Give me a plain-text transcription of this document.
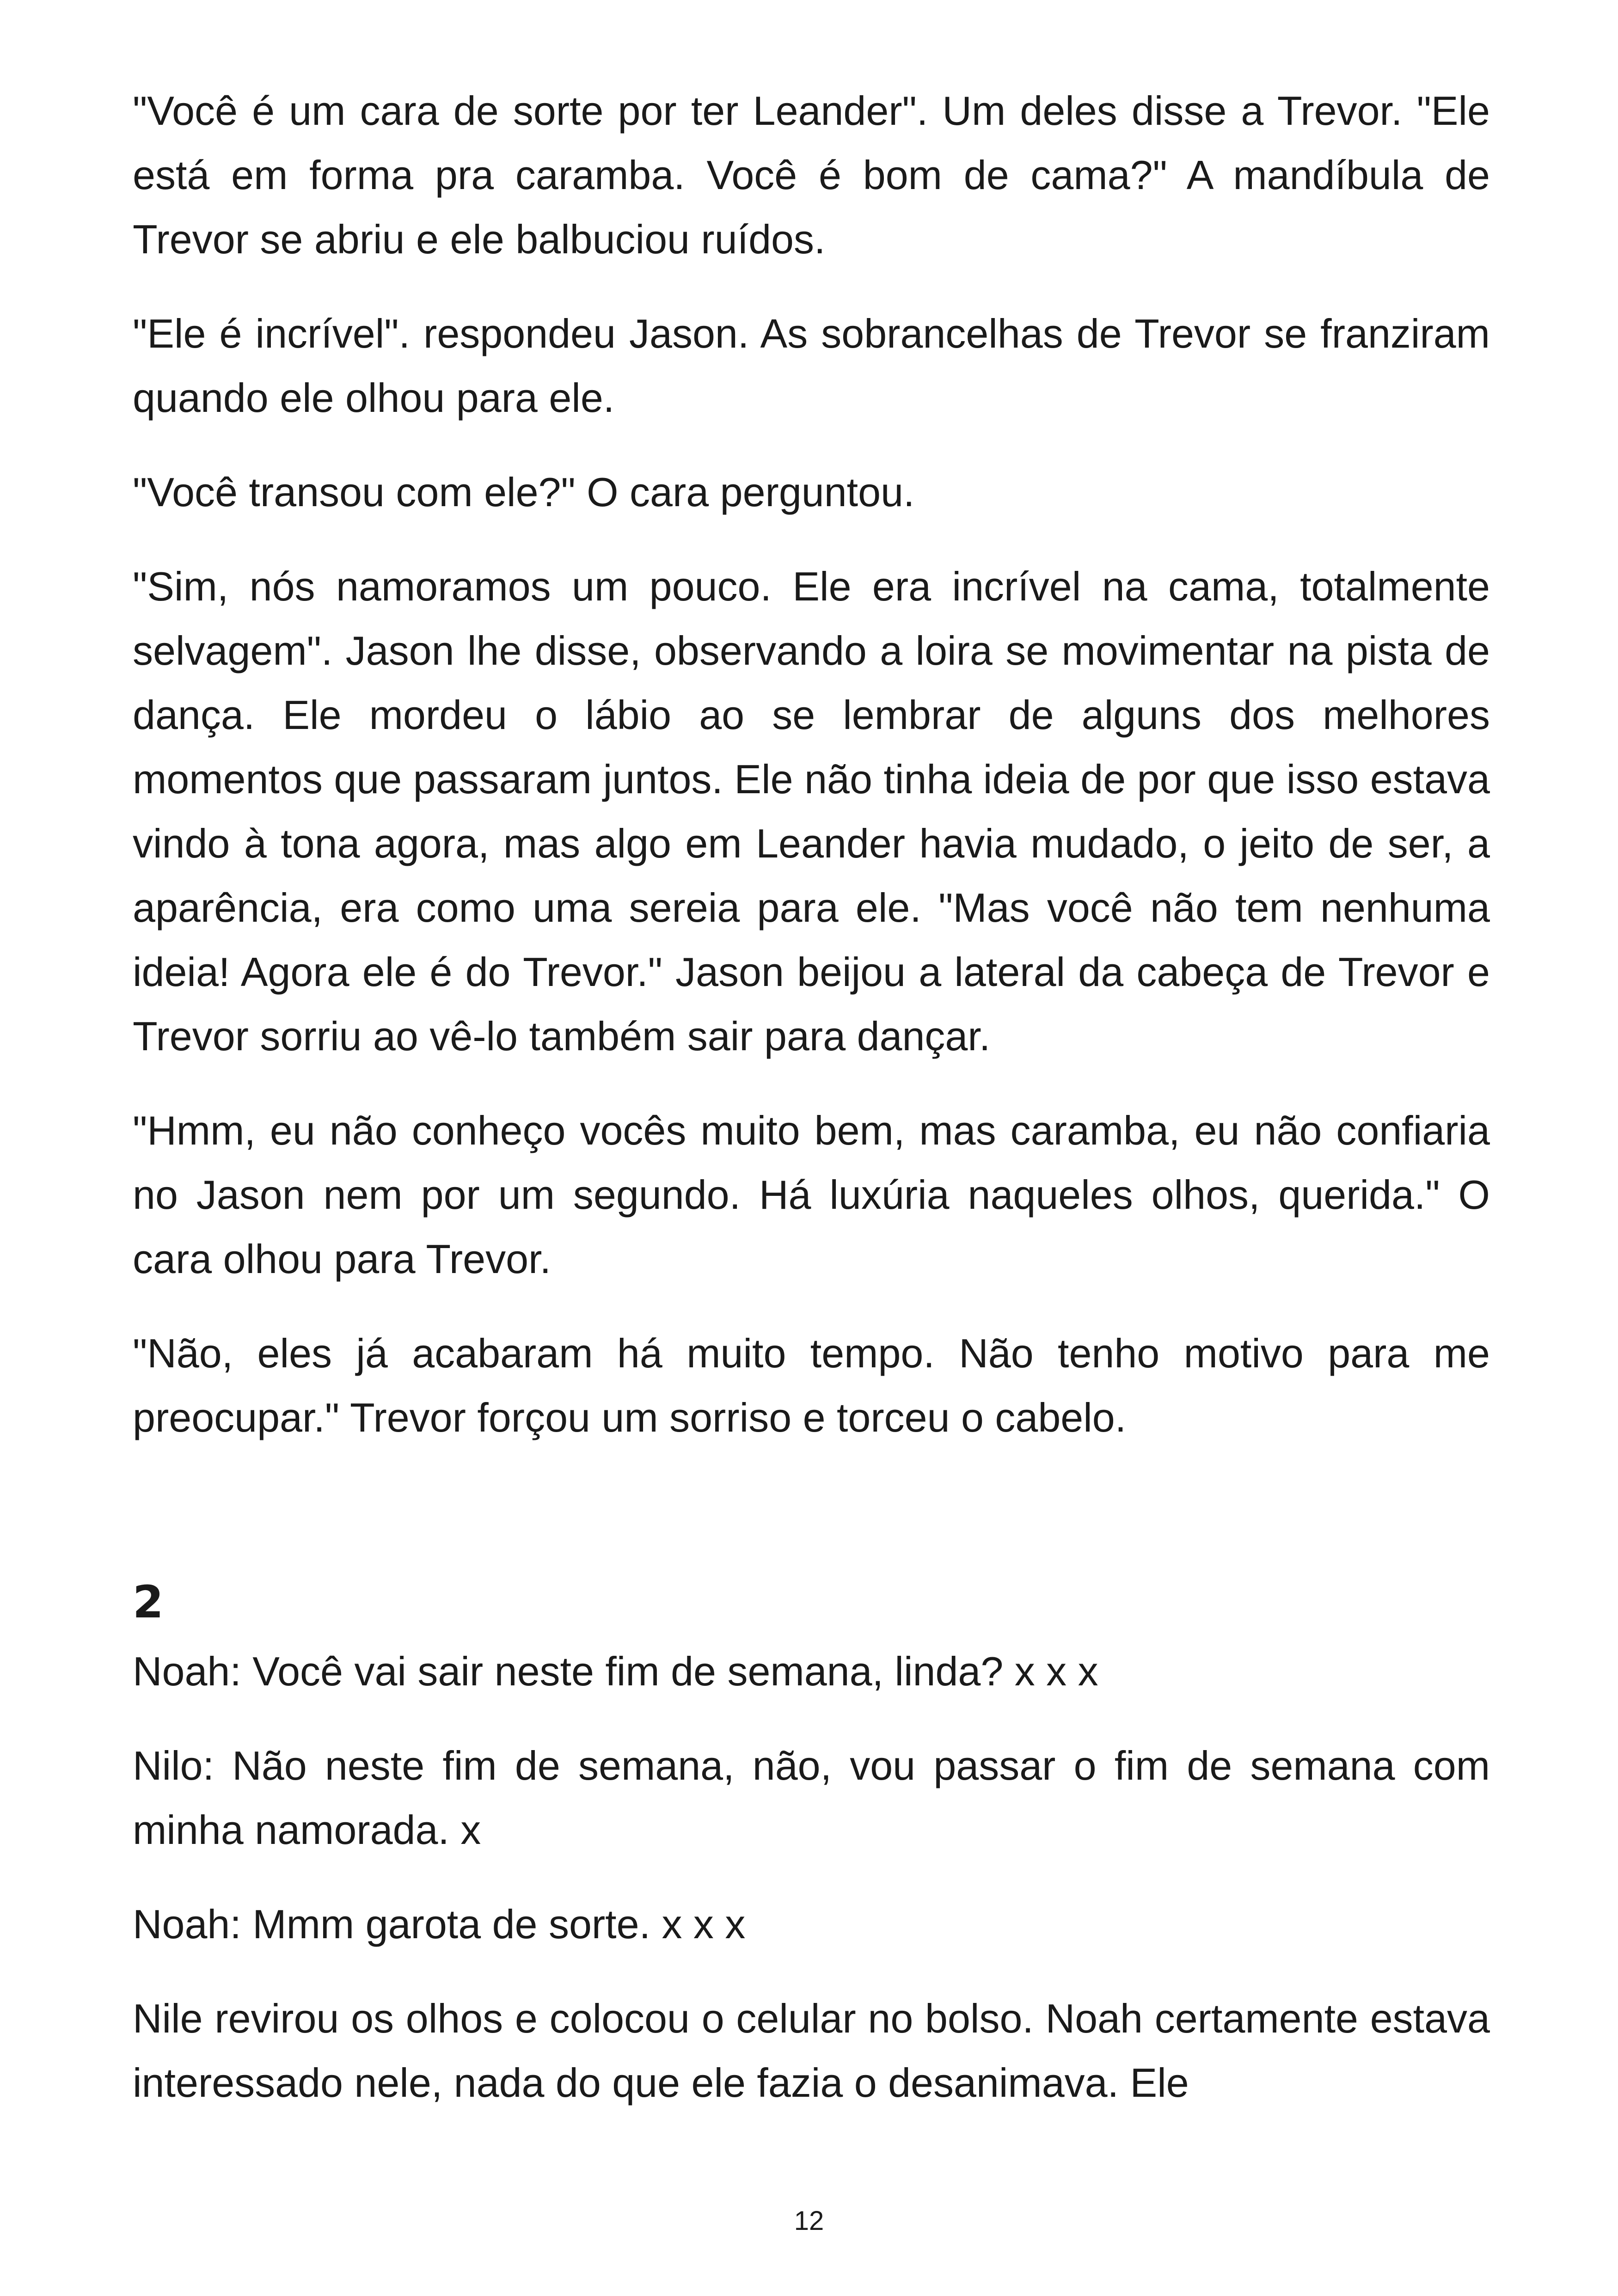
"Você é um cara de sorte por ter Leander". Um deles disse a Trevor. "Ele está em forma pra caramba. Você é bom de cama?" A mandíbula de Trevor se abriu e ele balbuciou ruídos.

"Ele é incrível". respondeu Jason. As sobrancelhas de Trevor se franziram quando ele olhou para ele.

"Você transou com ele?" O cara perguntou.

"Sim, nós namoramos um pouco. Ele era incrível na cama, totalmente selvagem". Jason lhe disse, observando a loira se movimentar na pista de dança. Ele mordeu o lábio ao se lembrar de alguns dos melhores momentos que passaram juntos. Ele não tinha ideia de por que isso estava vindo à tona agora, mas algo em Leander havia mudado, o jeito de ser, a aparência, era como uma sereia para ele. "Mas você não tem nenhuma ideia! Agora ele é do Trevor." Jason beijou a lateral da cabeça de Trevor e Trevor sorriu ao vê-lo também sair para dançar.

"Hmm, eu não conheço vocês muito bem, mas caramba, eu não confiaria no Jason nem por um segundo. Há luxúria naqueles olhos, querida." O cara olhou para Trevor.

"Não, eles já acabaram há muito tempo. Não tenho motivo para me preocupar." Trevor forçou um sorriso e torceu o cabelo.

2

Noah: Você vai sair neste fim de semana, linda? x x x

Nilo: Não neste fim de semana, não, vou passar o fim de semana com minha namorada. x

Noah: Mmm garota de sorte. x x x

Nile revirou os olhos e colocou o celular no bolso. Noah certamente estava interessado nele, nada do que ele fazia o desanimava. Ele

12
